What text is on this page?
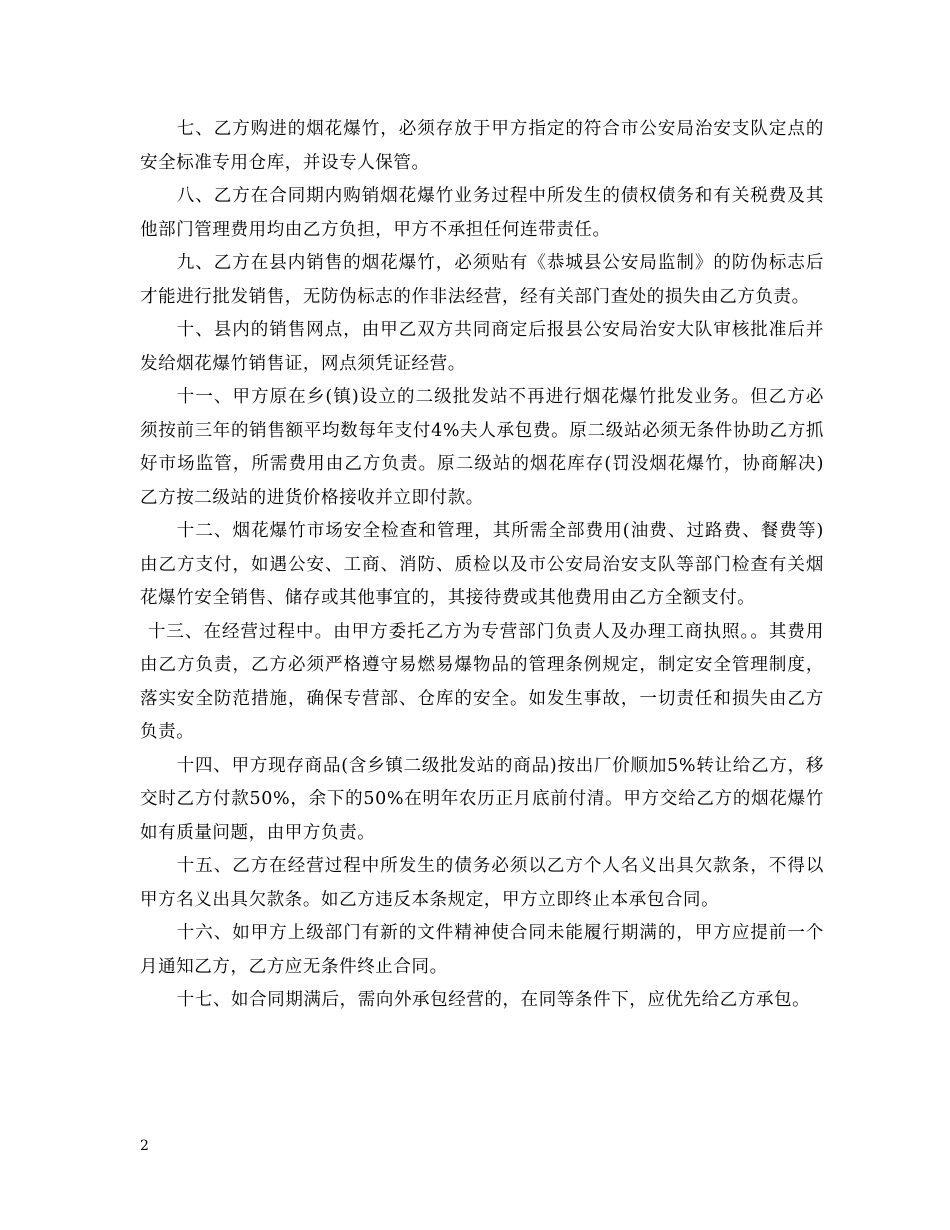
七、乙方购进的烟花爆竹，必须存放于甲方指定的符合市公安局治安支队定点的安全标准专用仓库，并设专人保管。

八、乙方在合同期内购销烟花爆竹业务过程中所发生的债权债务和有关税费及其他部门管理费用均由乙方负担，甲方不承担任何连带责任。

九、乙方在县内销售的烟花爆竹，必须贴有《恭城县公安局监制》的防伪标志后才能进行批发销售，无防伪标志的作非法经营，经有关部门查处的损失由乙方负责。

十、县内的销售网点，由甲乙双方共同商定后报县公安局治安大队审核批准后并发给烟花爆竹销售证，网点须凭证经营。

十一、甲方原在乡(镇)设立的二级批发站不再进行烟花爆竹批发业务。但乙方必须按前三年的销售额平均数每年支付4%夫人承包费。原二级站必须无条件协助乙方抓好市场监管，所需费用由乙方负责。原二级站的烟花库存(罚没烟花爆竹，协商解决)乙方按二级站的进货价格接收并立即付款。

十二、烟花爆竹市场安全检查和管理，其所需全部费用(油费、过路费、餐费等)由乙方支付，如遇公安、工商、消防、质检以及市公安局治安支队等部门检查有关烟花爆竹安全销售、储存或其他事宜的，其接待费或其他费用由乙方全额支付。

十三、在经营过程中。由甲方委托乙方为专营部门负责人及办理工商执照。。其费用由乙方负责，乙方必须严格遵守易燃易爆物品的管理条例规定，制定安全管理制度，落实安全防范措施，确保专营部、仓库的安全。如发生事故，一切责任和损失由乙方负责。

十四、甲方现存商品(含乡镇二级批发站的商品)按出厂价顺加5%转让给乙方，移交时乙方付款50%，余下的50%在明年农历正月底前付清。甲方交给乙方的烟花爆竹如有质量问题，由甲方负责。

十五、乙方在经营过程中所发生的债务必须以乙方个人名义出具欠款条，不得以甲方名义出具欠款条。如乙方违反本条规定，甲方立即终止本承包合同。

十六、如甲方上级部门有新的文件精神使合同未能履行期满的，甲方应提前一个月通知乙方，乙方应无条件终止合同。

十七、如合同期满后，需向外承包经营的，在同等条件下，应优先给乙方承包。

2
